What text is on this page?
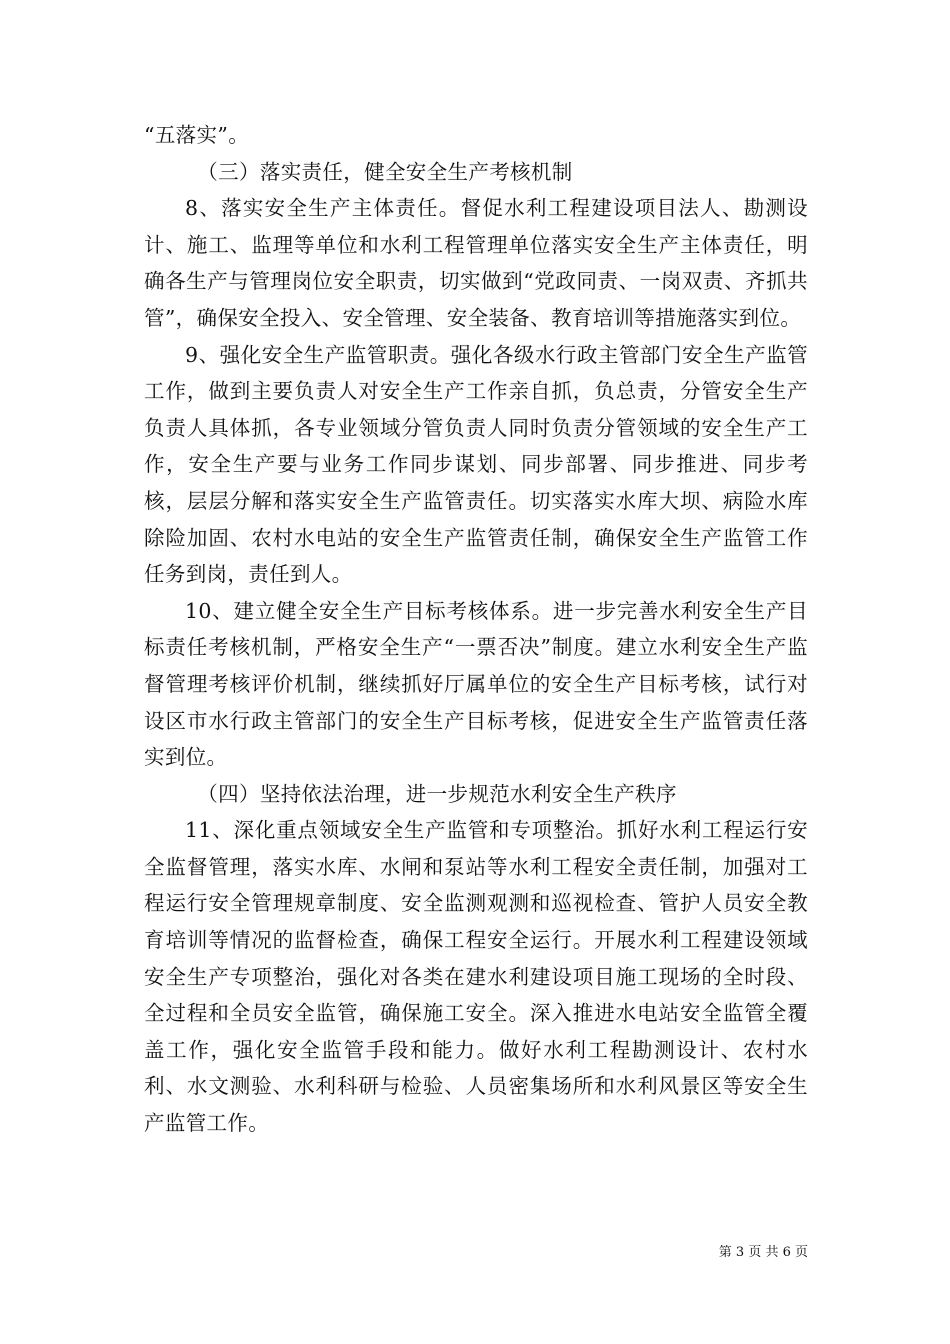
“五落实”。

（三）落实责任，健全安全生产考核机制

8、落实安全生产主体责任。督促水利工程建设项目法人、勘测设计、施工、监理等单位和水利工程管理单位落实安全生产主体责任，明确各生产与管理岗位安全职责，切实做到“党政同责、一岗双责、齐抓共管”，确保安全投入、安全管理、安全装备、教育培训等措施落实到位。

9、强化安全生产监管职责。强化各级水行政主管部门安全生产监管工作，做到主要负责人对安全生产工作亲自抓，负总责，分管安全生产负责人具体抓，各专业领域分管负责人同时负责分管领域的安全生产工作，安全生产要与业务工作同步谋划、同步部署、同步推进、同步考核，层层分解和落实安全生产监管责任。切实落实水库大坝、病险水库除险加固、农村水电站的安全生产监管责任制，确保安全生产监管工作任务到岗，责任到人。

10、建立健全安全生产目标考核体系。进一步完善水利安全生产目标责任考核机制，严格安全生产“一票否决”制度。建立水利安全生产监督管理考核评价机制，继续抓好厅属单位的安全生产目标考核，试行对设区市水行政主管部门的安全生产目标考核，促进安全生产监管责任落实到位。

（四）坚持依法治理，进一步规范水利安全生产秩序

11、深化重点领域安全生产监管和专项整治。抓好水利工程运行安全监督管理，落实水库、水闸和泵站等水利工程安全责任制，加强对工程运行安全管理规章制度、安全监测观测和巡视检查、管护人员安全教育培训等情况的监督检查，确保工程安全运行。开展水利工程建设领域安全生产专项整治，强化对各类在建水利建设项目施工现场的全时段、全过程和全员安全监管，确保施工安全。深入推进水电站安全监管全覆盖工作，强化安全监管手段和能力。做好水利工程勘测设计、农村水利、水文测验、水利科研与检验、人员密集场所和水利风景区等安全生产监管工作。

第 3 页 共 6 页
